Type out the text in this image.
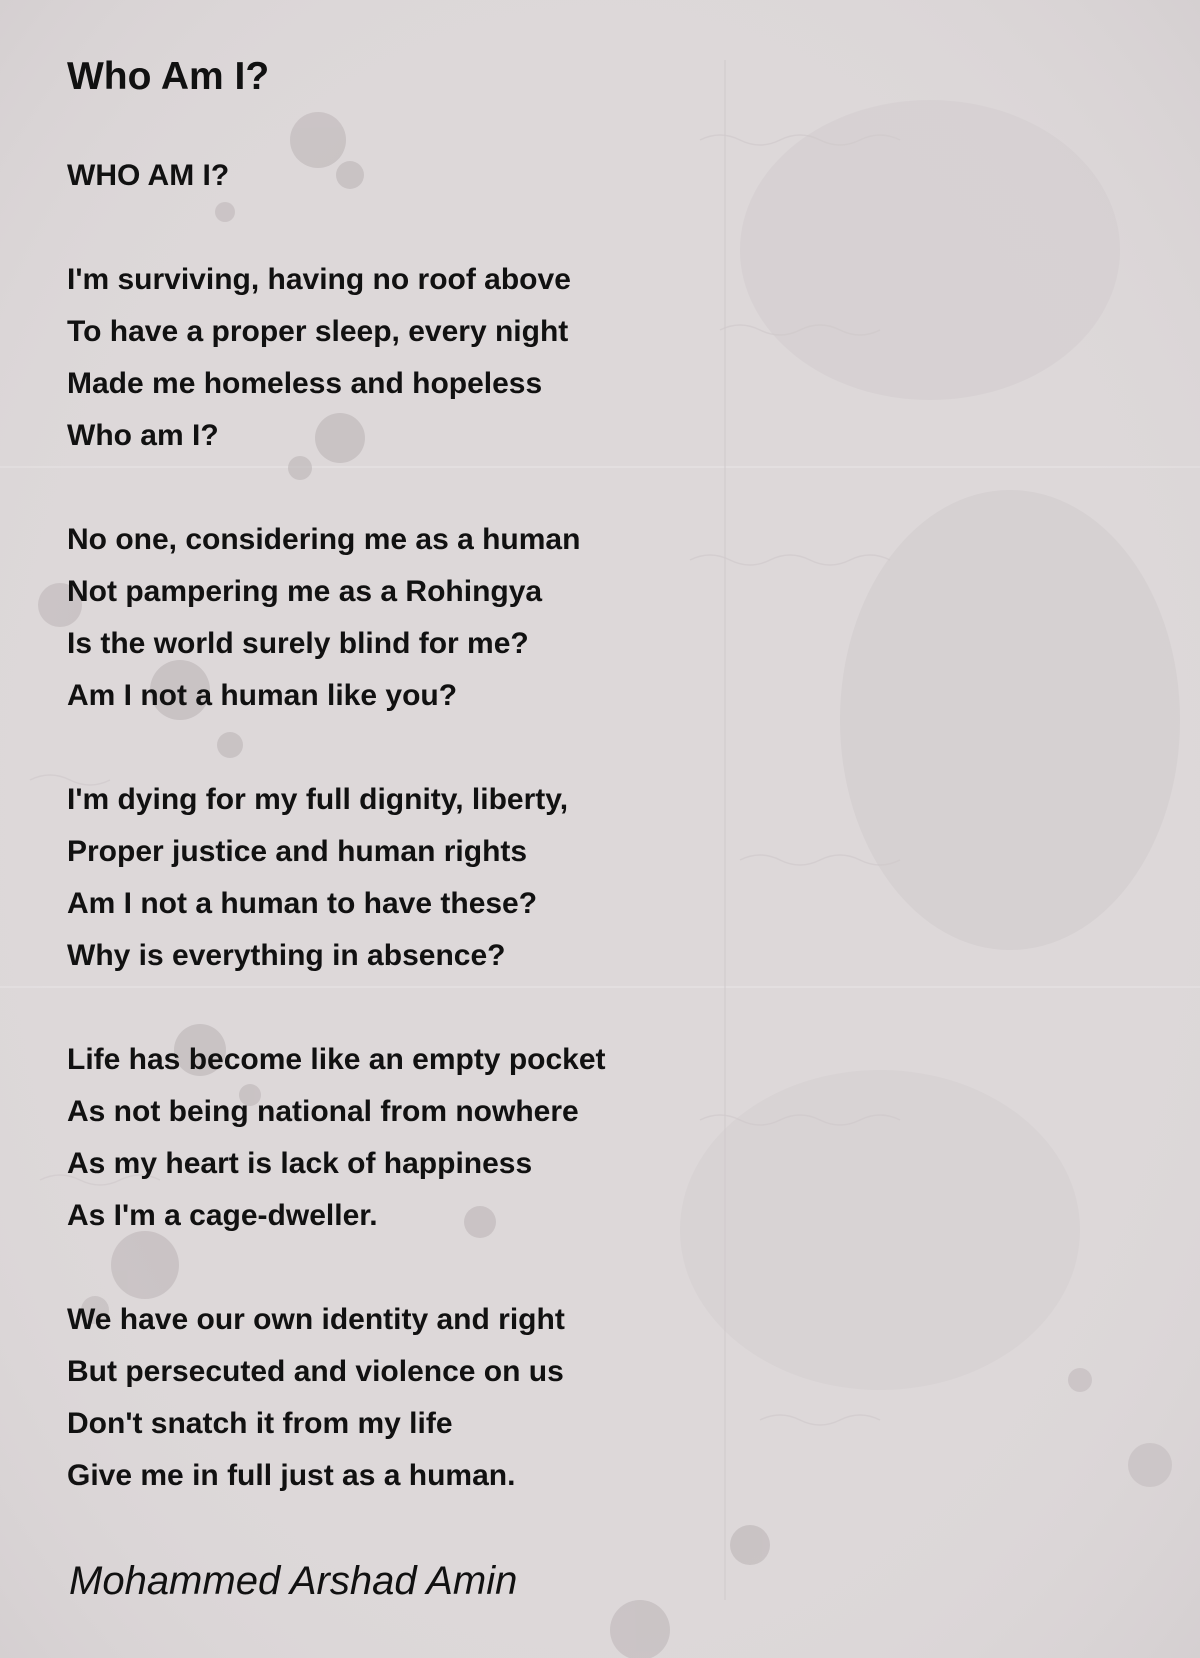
Who Am I?
WHO AM I?
I'm surviving, having no roof above
To have a proper sleep, every night
Made me homeless and hopeless
Who am I?
No one, considering me as a human
Not pampering me as a Rohingya
Is the world surely blind for me?
Am I not a human like you?
I'm dying for my full dignity, liberty,
Proper justice and human rights
Am I not a human to have these?
Why is everything in absence?
Life has become like an empty pocket
As not being national from nowhere
As my heart is lack of happiness
As I'm a cage-dweller.
We have our own identity and right
But persecuted and violence on us
Don't snatch it from my life
Give me in full just as a human.

Mohammed Arshad Amin
